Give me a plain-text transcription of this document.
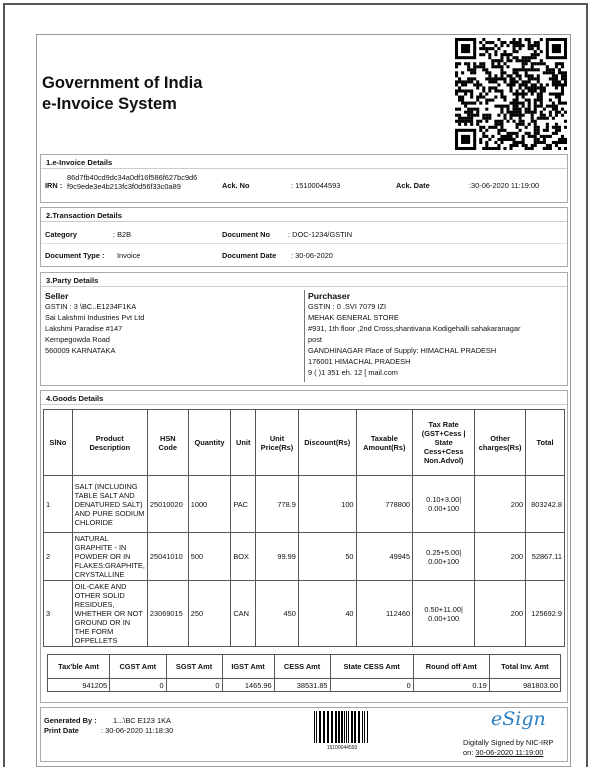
Government of India
e-Invoice System
1.e-Invoice Details
IRN :
86d7fb40cd9dc34a0df16f586f627bc9d6
f9c9ede3e4b213fc3f0d56f33c0a89	Ack. No	: 15100044593	Ack. Date	:30-06-2020 11:19:00
2.Transaction Details
Category	: B2B	Document No : DOC-1234/GSTIN
Document Type : Invoice	Document Date : 30-06-2020
3.Party Details
Seller
GSTIN : 3 \BC..E1234F1KA
Sai Lakshmi Industries Pvt Ltd
Lakshmi Paradise #147
Kempegowda Road
560009 KARNATAKA
Purchaser
GSTIN : 0 .SVI 7079 IZI
MEHAK GENERAL STORE
#931, 1th floor ,2nd Cross,shantivana Kodigehalli sahakaranagar
post
GANDHINAGAR Place of Supply: HIMACHAL PRADESH
176001 HIMACHAL PRADESH
9 ( )1 351 eh. 12 [ mail.com
4.Goods Details
SlNo	Product Description	HSN Code	Quantity	Unit	Unit Price(Rs)	Discount(Rs)	Taxable Amount(Rs)	Tax Rate (GST+Cess | State Cess+Cess Non.Advol)	Other charges(Rs)	Total
1	SALT (INCLUDING TABLE SALT AND DENATURED SALT) AND PURE SODIUM CHLORIDE	25010020	1000	PAC	778.9	100	778800	0.10+3.00|
0.00+100	200	803242.8
2	NATURAL GRAPHITE - IN POWDER OR IN FLAKES:GRAPHITE, CRYSTALLINE	25041010	500	BOX	99.99	50	49945	0.25+5.00|
0.00+100	200	52867.11
3	OIL-CAKE AND OTHER SOLID RESIDUES, WHETHER OR NOT GROUND OR IN THE FORM OFPELLETS	23069015	250	CAN	450	40	112460	0.50+11.00|
0.00+100	200	125692.9
Tax'ble Amt	CGST Amt	SGST Amt	IGST Amt	CESS Amt	State CESS Amt	Round off Amt	Total Inv. Amt
941205	0	0	1465.96	38531.85	0	0.19	981803.00
Generated By : 1...\BC E123 1KA
Print Date	: 30-06-2020 11:18:30
15100044593
eSign
Digitally Signed by NIC-IRP
on: 30-06-2020 11:19:00
